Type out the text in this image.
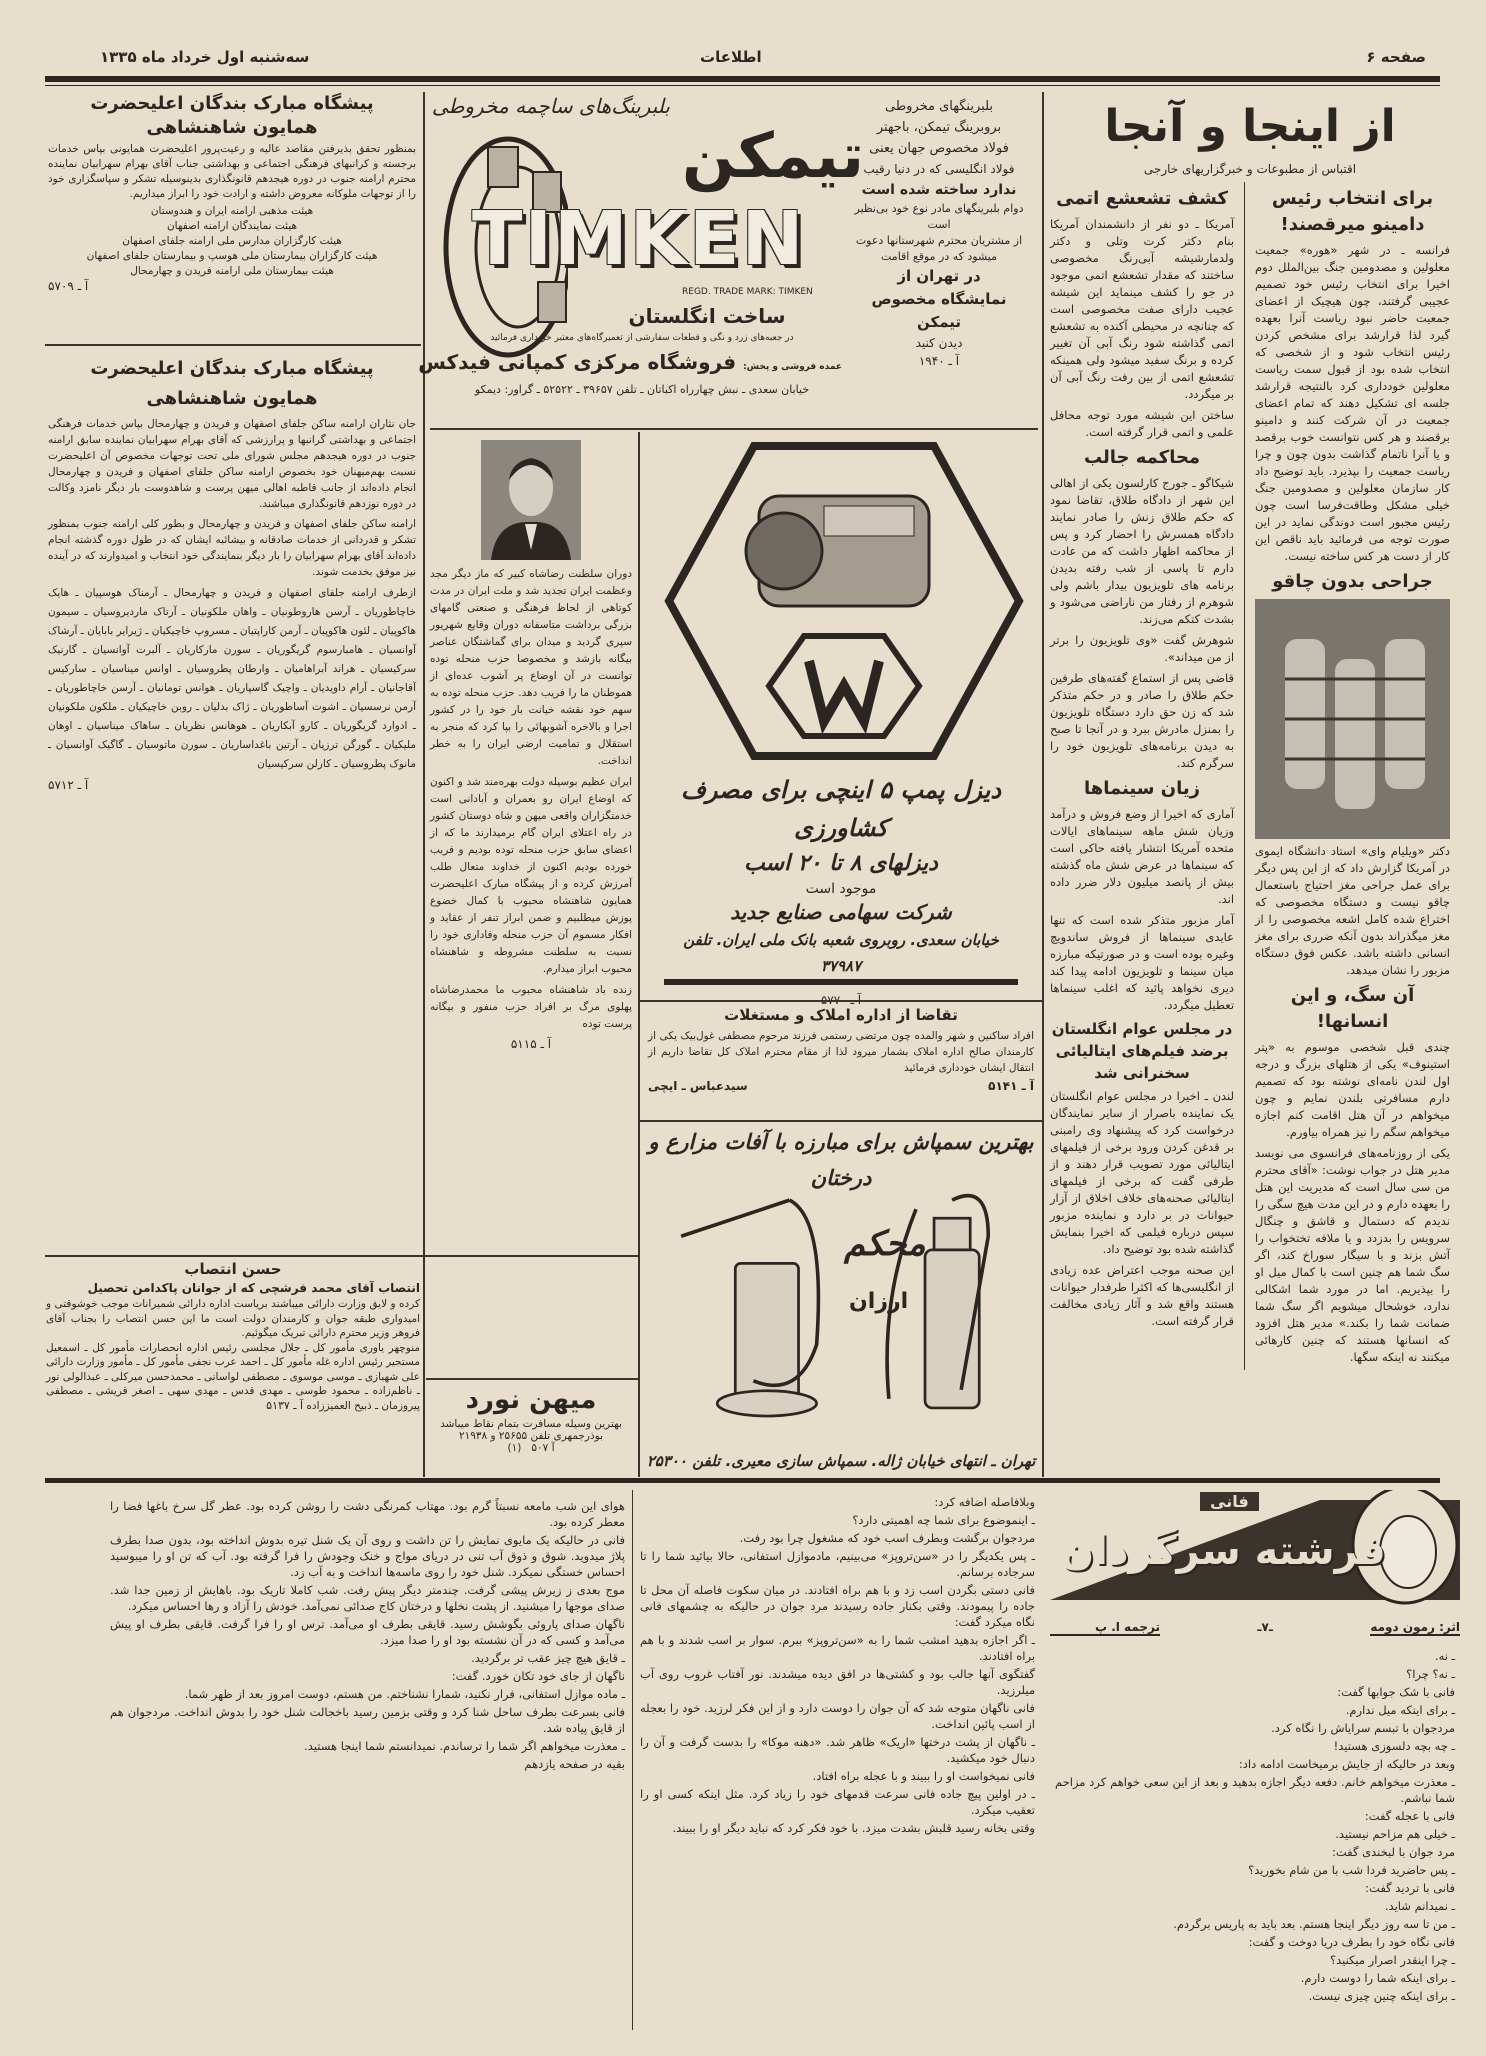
صفحه ۶
اطلاعات
سه‌شنبه اول خرداد ماه ۱۳۳۵
از اینجا و آنجا
اقتباس از مطبوعات و خبرگزاریهای خارجی
برای انتخاب رئیس دامینو میرقصند!

فرانسه ـ در شهر «هوره» جمعیت معلولین و مصدومین جنگ بین‌الملل دوم اخیرا برای انتخاب رئیس خود تصمیم عجیبی گرفتند، چون هیچیک از اعضای جمعیت حاضر نبود ریاست آنرا بعهده گیرد لذا قرارشد برای مشخص کردن رئیس انتخاب شود و از شخصی که انتخاب شده بود از قبول سمت ریاست معلولین خودداری کرد بالنتیجه قرارشد جلسه ای تشکیل دهند که تمام اعضای جمعیت در آن شرکت کنند و دامینو برقصند و هر کس نتوانست خوب برقصد و یا آنرا ناتمام گذاشت بدون چون و چرا ریاست جمعیت را بپذیرد. باید توضیح داد کار سازمان معلولین و مصدومین جنگ خیلی مشکل وطاقت‌فرسا است چون رئیس مجبور است دوندگی نماید در این صورت توجه می فرمائید باید ناقص این کار از دست هر کس ساخته نیست.

جراحی بدون چاقو

دکتر «ویلیام وای» استاد دانشگاه ایموی در آمریکا گزارش داد که از این پس دیگر برای عمل جراحی مغز احتیاج باستعمال چاقو نیست و دستگاه مخصوصی که اختراع شده کامل اشعه مخصوصی را از مغز میگذراند بدون آنکه ضرری برای مغز انسانی داشته باشد. عکس فوق دستگاه مزبور را نشان میدهد.

آن سگ، و این انسانها!

چندی قبل شخصی موسوم به «پتر استینوف» یکی از هتلهای بزرگ و درجه اول لندن نامه‌ای نوشته بود که تصمیم دارم مسافرتی بلندن نمایم و چون میخواهم در آن هتل اقامت کنم اجازه میخواهم سگم را نیز همراه بیاورم.

یکی از روزنامه‌های فرانسوی می نویسد مدیر هتل در جواب نوشت: «آقای محترم من سی سال است که مدیریت این هتل را بعهده دارم و در این مدت هیچ سگی را ندیدم که دستمال و قاشق و چنگال سرویس را بدزدد و یا ملافه تختخواب را آتش بزند و با سیگار سوراخ کند، اگر سگ شما هم چنین است با کمال میل او را بپذیریم. اما در مورد شما اشکالی ندارد، خوشحال میشویم اگر سگ شما ضمانت شما را بکند.» مدیر هتل افزود که انسانها هستند که چنین کارهائی میکنند نه اینکه سگها.

کشف تشعشع اتمی

آمریکا ـ دو نفر از دانشمندان آمریکا بنام دکتر کرت وتلی و دکتر ولدمارشیشه آبی‌رنگ مخصوصی ساختند که مقدار تشعشع اتمی موجود در جو را کشف مینماید این شیشه عجیب دارای صفت مخصوصی است که چنانچه در محیطی آکنده به تشعشع اتمی گذاشته شود رنگ آبی آن تغییر کرده و برنگ سفید میشود ولی همینکه تشعشع اتمی از بین رفت رنگ آبی آن بر میگردد.

ساختن این شیشه مورد توجه محافل علمی و اتمی قرار گرفته است.

محاکمه جالب

شیکاگو ـ جورج کارلسون یکی از اهالی این شهر از دادگاه طلاق، تقاضا نمود که حکم طلاق زنش را صادر نمایند دادگاه همسرش را احضار کرد و پس از محاکمه اظهار داشت که من عادت دارم تا پاسی از شب رفته بدیدن برنامه های تلویزیون بیدار باشم ولی شوهرم از رفتار من ناراضی می‌شود و بشدت کتکم می‌زند.

شوهرش گفت «وی تلویزیون را برتر از من میداند».

قاضی پس از استماع گفته‌های طرفین حکم طلاق را صادر و در حکم متذکر شد که زن حق دارد دستگاه تلویزیون را بمنزل مادرش ببرد و در آنجا تا صبح به دیدن برنامه‌های تلویزیون خود را سرگرم کند.

زیان سینماها

آماری که اخیرا از وضع فروش و درآمد وزیان شش ماهه سینماهای ایالات متحده آمریکا انتشار یافته حاکی است که سینماها در عرض شش ماه گذشته بیش از پانصد میلیون دلار ضرر داده اند.

آمار مزبور متذکر شده است که تنها عایدی سینماها از فروش ساندویچ وغیره بوده است و در صورتیکه مبارزه میان سینما و تلویزیون ادامه پیدا کند دیری نخواهد پائید که اغلب سینماها تعطیل میگردد.

در مجلس عوام انگلستان برضد فیلم‌های ایتالیائی سخنرانی شد

لندن ـ اخیرا در مجلس عوام انگلستان یک نماینده باصرار از سایر نمایندگان درخواست کرد که پیشنهاد وی رامبنی بر قدغن کردن ورود برخی از فیلمهای ایتالیائی مورد تصویب قرار دهند و از طرفی گفت که برخی از فیلمهای ایتالیائی صحنه‌های خلاف اخلاق از آزار حیوانات در بر دارد و نماینده مزبور سپس درباره فیلمی که اخیرا بنمایش گذاشته شده بود توضیح داد.

این صحنه موجب اعتراض عده زیادی از انگلیسی‌ها که اکثرا طرفدار حیوانات هستند واقع شد و آثار زیادی مخالفت قرار گرفته است.

بلبرینگهای مخروطی
بروبرینگ تیمکن، باجهتر
فولاد مخصوص جهان یعنی
فولاد انگلیسی که در دنیا رقیب
ندارد ساخته شده است
دوام بلبرینگهای مادر نوع خود بی‌نظیر است
از مشتریان محترم شهرستانها دعوت میشود که در موقع اقامت
در تهران از
نمایشگاه مخصوص تیمکن
دیدن کنید
آ ـ ۱۹۴۰
بلبرینگ‌های ساچمه مخروطی
تیمکن
TIMKEN
REGD. TRADE MARK: TIMKEN
ساخت انگلستان
در جعبه‌های زرد و نگی و قطعات سفارشی از تعمیرگاه‌های معتبر خریداری فرمائید
عمده فروشی و پخش: فروشگاه مرکزی کمپانی فیدکس
خیابان سعدی ـ نبش چهارراه اکباتان ـ تلفن ۳۹۶۵۷ ـ ۵۲۵۲۲ ـ گراور: دیمکو
پیشگاه مبارک بندگان اعلیحضرت
همایون شاهنشاهی

بمنظور تحقق بذیرفتن مقاصد عالیه و رعیت‌پرور اعلیحضرت همایونی بپاس خدمات برجسته و کرانبهای فرهنگی اجتماعی و بهداشتی جناب آقای بهرام سهرابیان نماینده محترم ارامنه جنوب در دوره هیجدهم قانونگذاری بدینوسیله تشکر و سپاسگزاری خود را از توجهات ملوکانه معروض داشته و ارادت خود را ابراز میداریم.

هیئت مذهبی ارامنه ایران و هندوستان
هیئت نمایندگان ارامنه اصفهان
هیئت کارگزاران مدارس ملی ارامنه جلفای اصفهان
هیئت کارگزاران بیمارستان ملی هوسپ و بیمارستان جلفای اصفهان
هیئت بیمارستان ملی ارامنه فریدن و چهارمحال
آ ـ ۵۷۰۹
پیشگاه مبارک بندگان اعلیحضرت
همایون شاهنشاهی

جان نثاران ارامنه ساکن جلفای اصفهان و فریدن و چهارمحال بپاس خدمات فرهنگی اجتماعی و بهداشتی گرانبها و پرارزشی که آقای بهرام سهرابیان نماینده سابق ارامنه جنوب در دوره هیجدهم مجلس شورای ملی تحت توجهات مخصوص آن اعلیحضرت نسبت بهم‌میهنان خود بخصوص ارامنه ساکن جلفای اصفهان و فریدن و چهارمحال انجام داده‌اند از جانب قاطبه اهالی میهن پرست و شاهدوست بار دیگر نامزد وکالت در دوره نوزدهم قانونگذاری میباشند.

ارامنه ساکن جلفای اصفهان و فریدن و چهارمحال و بطور کلی ارامنه جنوب بمنظور تشکر و قدردانی از خدمات صادقانه و بیشائبه ایشان که در طول دوره گذشته انجام داده‌اند آقای بهرام سهرابیان را بار دیگر بنمایندگی خود انتخاب و امیدوارند که در آینده نیز موفق بخدمت شوند.

ازطرف ارامنه جلفای اصفهان و فریدن و چهارمحال ـ آرمناک هوسپیان ـ هایک خاچاطوریان ـ آرسن هاروطونیان ـ واهان ملکونیان ـ آرتاک ماردیروسیان ـ سیمون هاکوپیان ـ لئون هاکوپیان ـ آرمن کاراپتیان ـ مسروپ خاچیکیان ـ ژیرایر بابایان ـ آرشاک آوانسیان ـ هامبارسوم گریگوریان ـ سورن مارکاریان ـ آلبرت آوانسیان ـ گارنیک سرکیسیان ـ هراند آبراهامیان ـ وارطان پطروسیان ـ اوانس میناسیان ـ سارکیس آقاجانیان ـ آرام داویدیان ـ واچیک گاسپاریان ـ هوانس تومانیان ـ آرسن خاچاطوریان ـ آرمن نرسسیان ـ اشوت آساطوریان ـ ژاک بدلیان ـ روبن خاچیکیان ـ ملکون ملکونیان ـ ادوارد گریگوریان ـ کارو آبکاریان ـ هوهانس نظریان ـ ساهاک میناسیان ـ اوهان ملیکیان ـ گورگن ترزیان ـ آرتین باغداساریان ـ سورن ماتوسیان ـ گاگیک آوانسیان ـ مانوک پطروسیان ـ کارلن سرکیسیان

آ ـ ۵۷۱۲
حسن انتصاب

انتصاب آقای محمد فرشچی که از جوانان پاکدامن تحصیل

کرده و لایق وزارت دارائی میباشند بریاست اداره دارائی شمیرانات موجب خوشوقتی و امیدواری طبقه جوان و کارمندان دولت است ما این حسن انتصاب را بجناب آقای فروهر وزیر محترم دارائی تبریک میگوئیم.

منوچهر یاوری مأمور کل ـ جلال مجلسی رئیس اداره انحصارات مأمور کل ـ اسمعیل مستجیر رئیس اداره غله مأمور کل ـ احمد عرب نجفی مأمور کل ـ مأمور وزارت دارائی علی شهبازی ـ موسی موسوی ـ مصطفی لواسانی ـ محمدحسن میرکلی ـ عبدالولی نور ـ ناظم‌زاده ـ محمود طوسی ـ مهدی قدس ـ مهدی سهی ـ اصغر قریشی ـ مصطفی پیروزمان ـ ذبیح العمیززاده آ ـ ۵۱۳۷

دوران سلطنت رضاشاه کبیر که ماز دیگر مجد وعظمت ایران تجدید شد و ملت ایران در مدت کوتاهی از لحاظ فرهنگی و صنعتی گامهای بزرگی برداشت متاسفانه دوران وقایع شهریور سپری گردید و میدان برای گماشتگان عناصر بیگانه بازشد و مخصوصا حزب منحله توده توانست در آن اوضاع پر آشوب عده‌ای از هموطنان ما را فریب دهد. حزب منحله توده به سهم خود نقشه خیانت بار خود را در کشور اجرا و بالاخره آشوبهائی را بپا کرد که منجر به استقلال و تمامیت ارضی ایران را به خطر انداخت.

ایران عظیم بوسیله دولت بهره‌مند شد و اکنون که اوضاع ایران رو بعمران و آبادانی است خدمتگزاران واقعی میهن و شاه دوستان کشور در راه اعتلای ایران گام برمیدارند ما که از اعضای سابق حزب منحله توده بودیم و فریب خورده بودیم اکنون از خداوند متعال طلب آمرزش کرده و از پیشگاه مبارک اعلیحضرت همایون شاهنشاه محبوب با کمال خضوع پوزش میطلبیم و ضمن ابراز تنفر از عقاید و افکار مسموم آن حزب منحله وفاداری خود را نسبت به سلطنت مشروطه و شاهنشاه محبوب ابراز میدارم.

زنده باد شاهنشاه محبوب ما محمدرضاشاه پهلوی مرگ بر افراد حزب منفور و بیگانه پرست توده

آ ـ ۵۱۱۵
میهن نورد
بهترین وسیله مسافرت بتمام نقاط میباشد
بوذرجمهری تلفن ۲۵۶۵۵ و ۲۱۹۳۸
آ ۵۰۷   (۱)
دیزل پمپ ۵ اینچی برای مصرف کشاورزی
دیزلهای ۸ تا ۲۰ اسب
موجود است
شرکت سهامی صنایع جدید
خیابان سعدی. روبروی شعبه بانک ملی ایران. تلفن ۳۷۹۸۷
تقاضا از اداره املاک و مستغلات

افراد ساکنین و شهر والمده چون مرتضی رستمی فرزند مرحوم مصطفی غول‌بیک یکی از کارمندان صالح اداره املاک بشمار میرود لذا از مقام محترم املاک کل تقاضا داریم از انتقال ایشان خودداری فرمائید

آ ـ ۵۱۴۱
سیدعباس ـ ایچی
بهترین سمپاش برای مبارزه با آفات مزارع و درختان
محکم
ارزان
تهران ـ انتهای خیابان ژاله. سمپاش سازی معیری. تلفن ۲۵۳۰۰
فانی
فرشته سرگردان
اثر: رمون دومه
ـ۷ـ
ترجمه ا. پ

ـ نه.

ـ نه؟ چرا؟

فانی با شک جوابها گفت:

ـ برای اینکه میل ندارم.

مردجوان با تبسم سرایاش را نگاه کرد.

ـ چه بچه دلسوزی هستید!

وبعد در حالیکه از جایش برمیخاست ادامه داد:

ـ معذرت میخواهم خانم. دفعه دیگر اجازه بدهید و بعد از این سعی خواهم کرد مزاحم شما نباشم.

فانی با عجله گفت:

ـ خیلی هم مزاحم نیستید.

مرد جوان با لبخندی گفت:

ـ پس حاضرید فردا شب با من شام بخورید؟

فانی با تردید گفت:

ـ نمیدانم شاید.

ـ من تا سه روز دیگر اینجا هستم. بعد باید به پاریس برگردم.

فانی نگاه خود را بطرف دریا دوخت و گفت:

ـ چرا اینقدر اصرار میکنید؟

ـ برای اینکه شما را دوست دارم.

ـ برای اینکه چنین چیزی نیست.

وبلافاصله اضافه کرد:

ـ اینموضوع برای شما چه اهمیتی دارد؟

مردجوان برگشت وبطرف اسب خود که مشغول چرا بود رفت.

ـ پس یکدیگر را در «سن‌تروپز» می‌بینیم، مادموازل استفانی، حالا بیائید شما را تا سرجاده برسانم.

فانی دستی بگردن اسب زد و با هم براه افتادند. در میان سکوت فاصله آن محل تا جاده را پیمودند. وقتی بکنار جاده رسیدند مرد جوان در حالیکه به چشمهای فانی نگاه میکرد گفت:

ـ اگر اجازه بدهید امشب شما را به «سن‌تروپز» ببرم. سوار بر اسب شدند و با هم براه افتادند.

گفتگوی آنها جالب بود و کشتی‌ها در افق دیده میشدند. نور آفتاب غروب روی آب میلرزید.

فانی ناگهان متوجه شد که آن جوان را دوست دارد و از این فکر لرزید. خود را بعجله از اسب پائین انداخت.

ـ ناگهان از پشت درختها «اریک» ظاهر شد. «دهنه موکا» را بدست گرفت و آن را دنبال خود میکشید.

فانی نمیخواست او را ببیند و با عجله براه افتاد.

ـ در اولین پیچ جاده فانی سرعت قدمهای خود را زیاد کرد. مثل اینکه کسی او را تعقیب میکرد.

وقتی بخانه رسید قلبش بشدت میزد. با خود فکر کرد که نباید دیگر او را ببیند.

هوای این شب مامعه نسبتاً گرم بود. مهتاب کمرنگی دشت را روشن کرده بود. عطر گل سرخ باغها فضا را معطر کرده بود.

فانی در حالیکه یک مایوی نمایش را تن داشت و روی آن یک شنل تیره بدوش انداخته بود، بدون صدا بطرف پلاژ میدوید. شوق و ذوق آب تنی در دریای مواج و خنک وجودش را فرا گرفته بود. آب که تن او را میبوسید احساس خستگی نمیکرد. شنل خود را روی ماسه‌ها انداخت و به آب زد.

موج بعدی ز زیرش پیشی گرفت. چندمتر دیگر پیش رفت. شب کاملا تاریک بود. باهایش از زمین جدا شد. صدای موجها را میشنید. از پشت نخلها و درختان کاج صدائی نمی‌آمد. خودش را آزاد و رها احساس میکرد.

ناگهان صدای پاروئی بگوشش رسید. قایقی بطرف او می‌آمد. ترس او را فرا گرفت. قایقی بطرف او پیش می‌آمد و کسی که در آن نشسته بود او را صدا میزد.

ـ قایق هیچ چیز عقب تر برگردید.

ناگهان از جای خود تکان خورد. گفت:

ـ ماده موازل استفانی، فرار نکنید، شمارا نشناختم. من هستم، دوست امروز بعد از ظهر شما.

فانی بسرعت بطرف ساحل شنا کرد و وقتی بزمین رسید باخجالت شنل خود را بدوش انداخت. مردجوان هم از قایق پیاده شد.

ـ معذرت میخواهم اگر شما را ترساندم. نمیدانستم شما اینجا هستید.

بقیه در صفحه یازدهم
